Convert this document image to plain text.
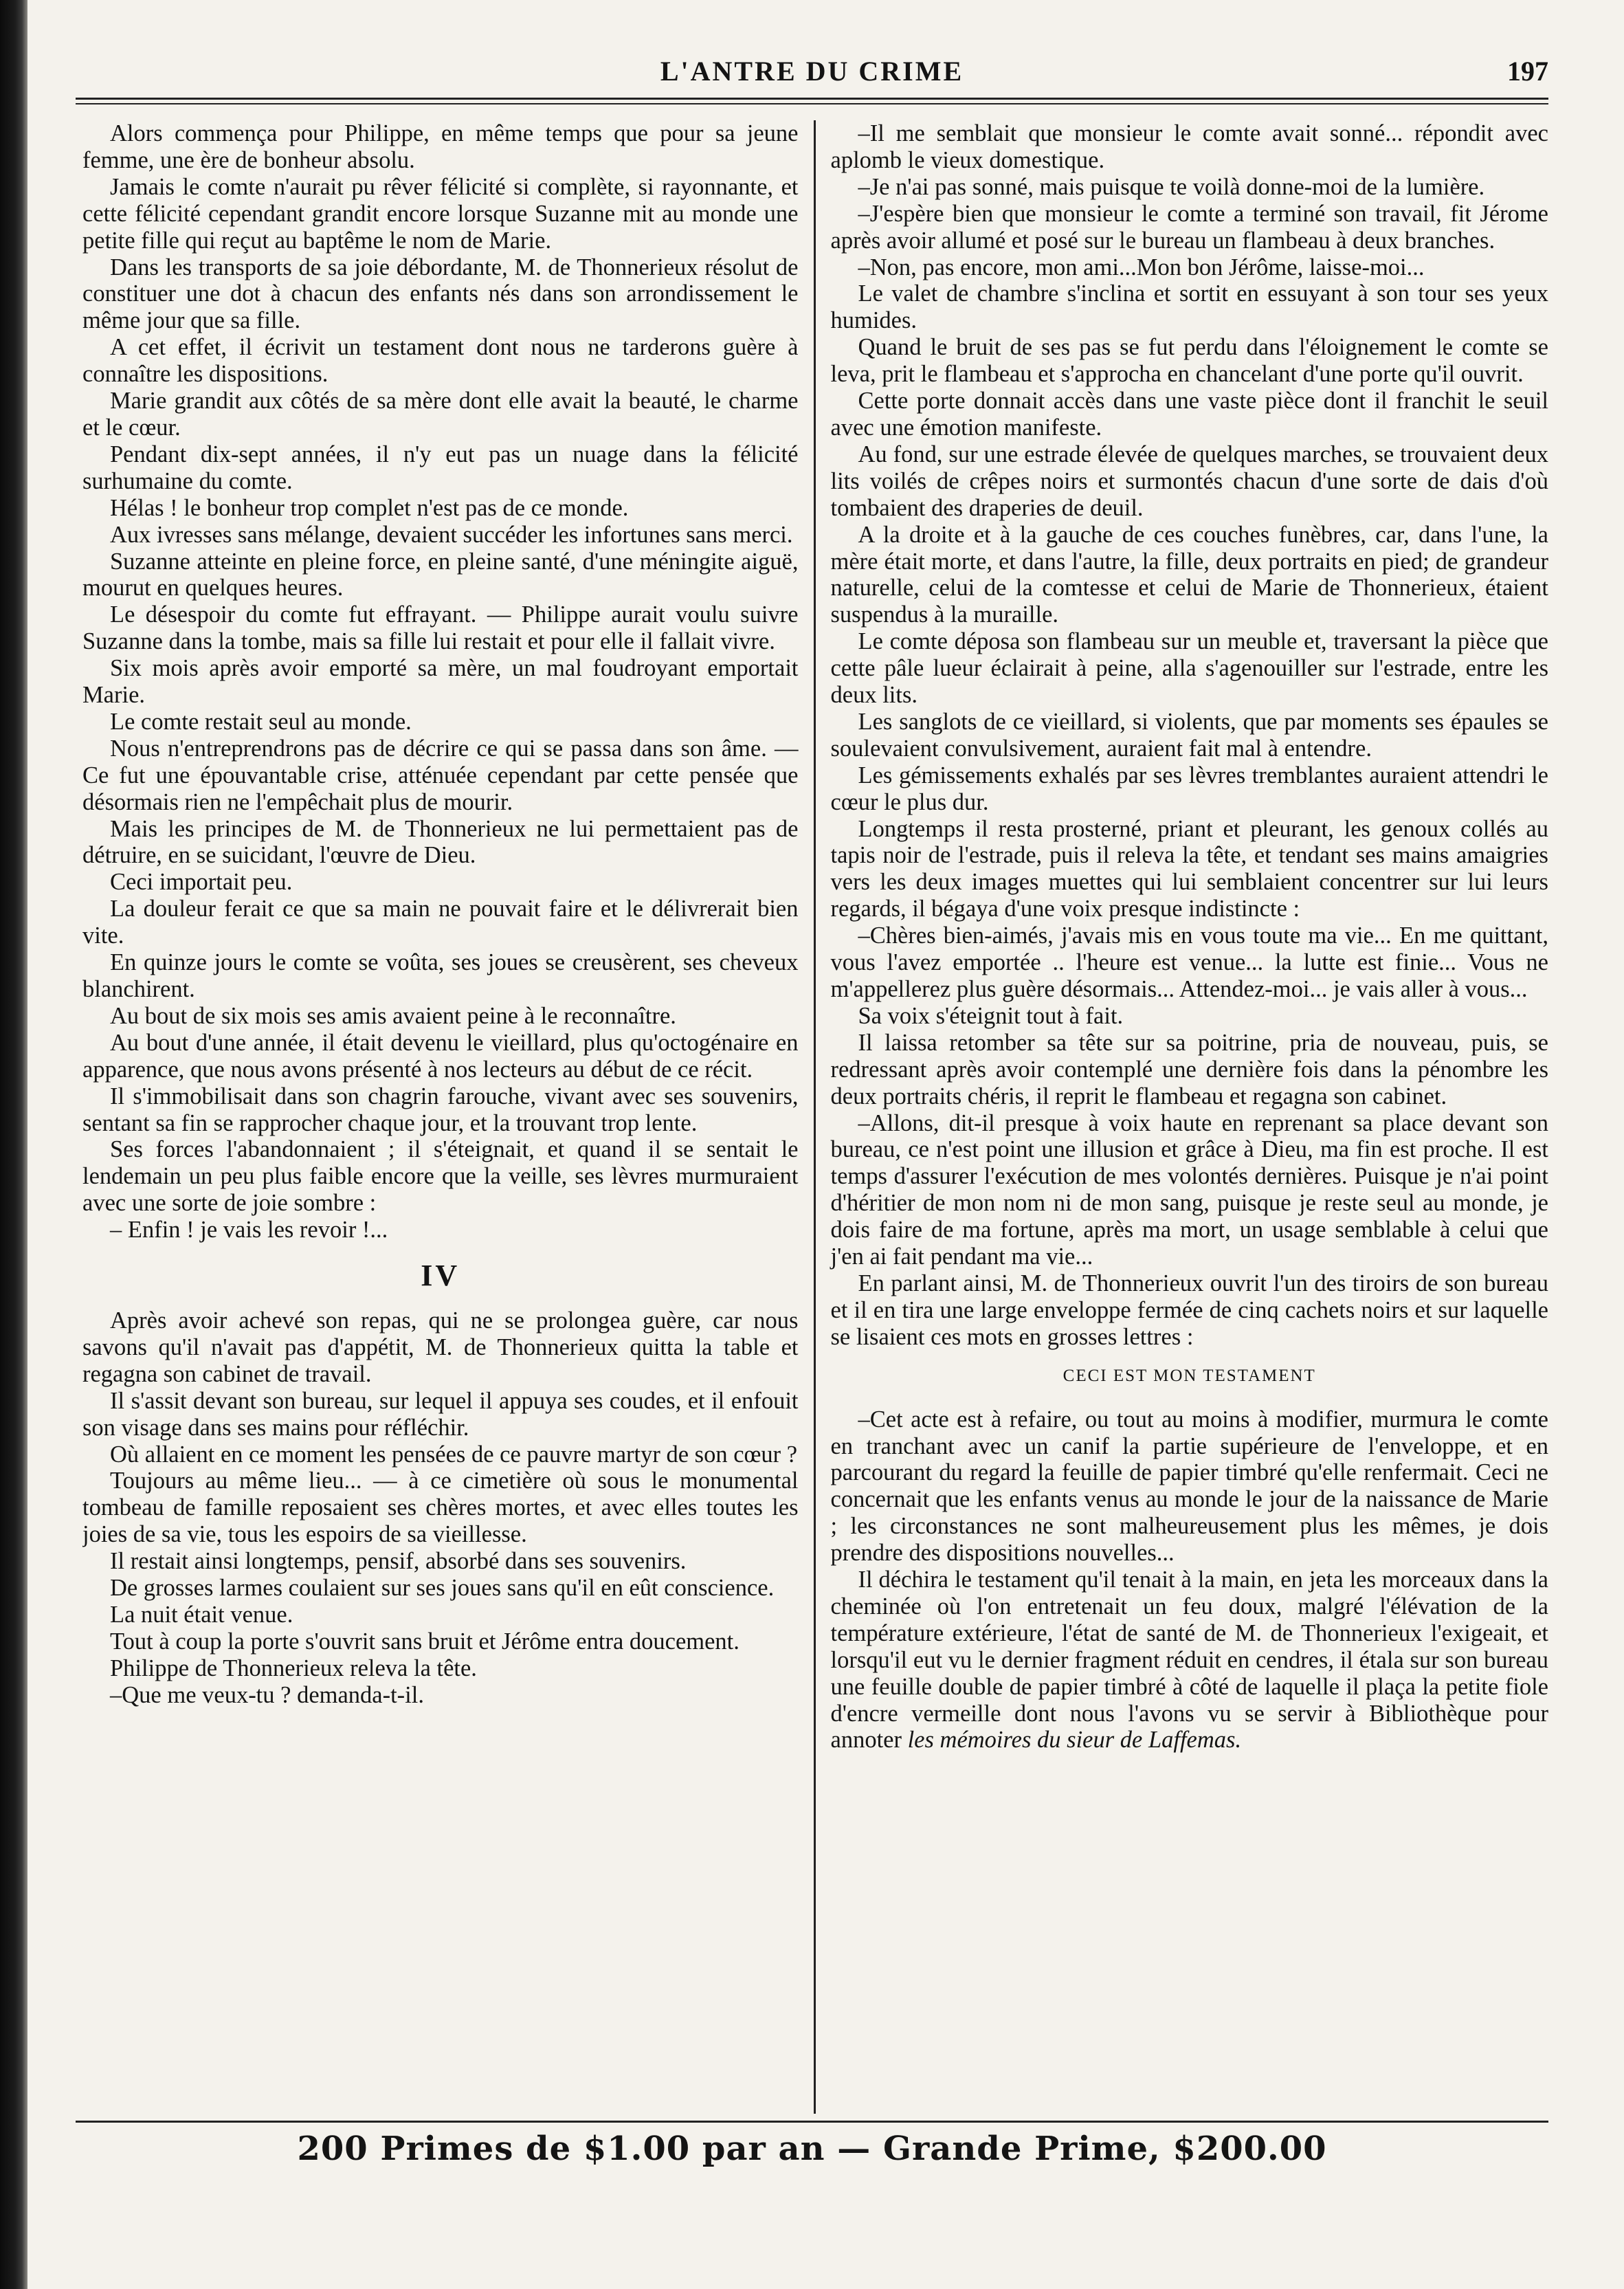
L'ANTRE DU CRIME	197

Alors commença pour Philippe, en même temps que pour sa jeune femme, une ère de bonheur absolu.

Jamais le comte n'aurait pu rêver félicité si complète, si rayonnante, et cette félicité cependant grandit encore lorsque Suzanne mit au monde une petite fille qui reçut au baptême le nom de Marie.

Dans les transports de sa joie débordante, M. de Thonnerieux résolut de constituer une dot à chacun des enfants nés dans son arrondissement le même jour que sa fille.

A cet effet, il écrivit un testament dont nous ne tarderons guère à connaître les dispositions.

Marie grandit aux côtés de sa mère dont elle avait la beauté, le charme et le cœur.

Pendant dix-sept années, il n'y eut pas un nuage dans la félicité surhumaine du comte.

Hélas ! le bonheur trop complet n'est pas de ce monde.

Aux ivresses sans mélange, devaient succéder les infortunes sans merci.

Suzanne atteinte en pleine force, en pleine santé, d'une méningite aiguë, mourut en quelques heures.

Le désespoir du comte fut effrayant. — Philippe aurait voulu suivre Suzanne dans la tombe, mais sa fille lui restait et pour elle il fallait vivre.

Six mois après avoir emporté sa mère, un mal foudroyant emportait Marie.

Le comte restait seul au monde.

Nous n'entreprendrons pas de décrire ce qui se passa dans son âme. — Ce fut une épouvantable crise, atténuée cependant par cette pensée que désormais rien ne l'empêchait plus de mourir.

Mais les principes de M. de Thonnerieux ne lui permettaient pas de détruire, en se suicidant, l'œuvre de Dieu.

Ceci importait peu.

La douleur ferait ce que sa main ne pouvait faire et le délivrerait bien vite.

En quinze jours le comte se voûta, ses joues se creusèrent, ses cheveux blanchirent.

Au bout de six mois ses amis avaient peine à le reconnaître.

Au bout d'une année, il était devenu le vieillard, plus qu'octogénaire en apparence, que nous avons présenté à nos lecteurs au début de ce récit.

Il s'immobilisait dans son chagrin farouche, vivant avec ses souvenirs, sentant sa fin se rapprocher chaque jour, et la trouvant trop lente.

Ses forces l'abandonnaient ; il s'éteignait, et quand il se sentait le lendemain un peu plus faible encore que la veille, ses lèvres murmuraient avec une sorte de joie sombre :

– Enfin ! je vais les revoir !...

IV

Après avoir achevé son repas, qui ne se prolongea guère, car nous savons qu'il n'avait pas d'appétit, M. de Thonnerieux quitta la table et regagna son cabinet de travail.

Il s'assit devant son bureau, sur lequel il appuya ses coudes, et il enfouit son visage dans ses mains pour réfléchir.

Où allaient en ce moment les pensées de ce pauvre martyr de son cœur ?

Toujours au même lieu... — à ce cimetière où sous le monumental tombeau de famille reposaient ses chères mortes, et avec elles toutes les joies de sa vie, tous les espoirs de sa vieillesse.

Il restait ainsi longtemps, pensif, absorbé dans ses souvenirs.

De grosses larmes coulaient sur ses joues sans qu'il en eût conscience.

La nuit était venue.

Tout à coup la porte s'ouvrit sans bruit et Jérôme entra doucement.

Philippe de Thonnerieux releva la tête.

–Que me veux-tu ? demanda-t-il.

–Il me semblait que monsieur le comte avait sonné... répondit avec aplomb le vieux domestique.

–Je n'ai pas sonné, mais puisque te voilà donne-moi de la lumière.

–J'espère bien que monsieur le comte a terminé son travail, fit Jérome après avoir allumé et posé sur le bureau un flambeau à deux branches.

–Non, pas encore, mon ami...Mon bon Jérôme, laisse-moi...

Le valet de chambre s'inclina et sortit en essuyant à son tour ses yeux humides.

Quand le bruit de ses pas se fut perdu dans l'éloignement le comte se leva, prit le flambeau et s'approcha en chancelant d'une porte qu'il ouvrit.

Cette porte donnait accès dans une vaste pièce dont il franchit le seuil avec une émotion manifeste.

Au fond, sur une estrade élevée de quelques marches, se trouvaient deux lits voilés de crêpes noirs et surmontés chacun d'une sorte de dais d'où tombaient des draperies de deuil.

A la droite et à la gauche de ces couches funèbres, car, dans l'une, la mère était morte, et dans l'autre, la fille, deux portraits en pied; de grandeur naturelle, celui de la comtesse et celui de Marie de Thonnerieux, étaient suspendus à la muraille.

Le comte déposa son flambeau sur un meuble et, traversant la pièce que cette pâle lueur éclairait à peine, alla s'agenouiller sur l'estrade, entre les deux lits.

Les sanglots de ce vieillard, si violents, que par moments ses épaules se soulevaient convulsivement, auraient fait mal à entendre.

Les gémissements exhalés par ses lèvres tremblantes auraient attendri le cœur le plus dur.

Longtemps il resta prosterné, priant et pleurant, les genoux collés au tapis noir de l'estrade, puis il releva la tête, et tendant ses mains amaigries vers les deux images muettes qui lui semblaient concentrer sur lui leurs regards, il bégaya d'une voix presque indistincte :

–Chères bien-aimés, j'avais mis en vous toute ma vie... En me quittant, vous l'avez emportée .. l'heure est venue... la lutte est finie... Vous ne m'appellerez plus guère désormais... Attendez-moi... je vais aller à vous...

Sa voix s'éteignit tout à fait.

Il laissa retomber sa tête sur sa poitrine, pria de nouveau, puis, se redressant après avoir contemplé une dernière fois dans la pénombre les deux portraits chéris, il reprit le flambeau et regagna son cabinet.

–Allons, dit-il presque à voix haute en reprenant sa place devant son bureau, ce n'est point une illusion et grâce à Dieu, ma fin est proche. Il est temps d'assurer l'exécution de mes volontés dernières. Puisque je n'ai point d'héritier de mon nom ni de mon sang, puisque je reste seul au monde, je dois faire de ma fortune, après ma mort, un usage semblable à celui que j'en ai fait pendant ma vie...

En parlant ainsi, M. de Thonnerieux ouvrit l'un des tiroirs de son bureau et il en tira une large enveloppe fermée de cinq cachets noirs et sur laquelle se lisaient ces mots en grosses lettres :

CECI EST MON TESTAMENT

–Cet acte est à refaire, ou tout au moins à modifier, murmura le comte en tranchant avec un canif la partie supérieure de l'enveloppe, et en parcourant du regard la feuille de papier timbré qu'elle renfermait. Ceci ne concernait que les enfants venus au monde le jour de la naissance de Marie ; les circonstances ne sont malheureusement plus les mêmes, je dois prendre des dispositions nouvelles...

Il déchira le testament qu'il tenait à la main, en jeta les morceaux dans la cheminée où l'on entretenait un feu doux, malgré l'élévation de la température extérieure, l'état de santé de M. de Thonnerieux l'exigeait, et lorsqu'il eut vu le dernier fragment réduit en cendres, il étala sur son bureau une feuille double de papier timbré à côté de laquelle il plaça la petite fiole d'encre vermeille dont nous l'avons vu se servir à Bibliothèque pour annoter les mémoires du sieur de Laffemas.

200 Primes de $1.00 par an — Grande Prime, $200.00
